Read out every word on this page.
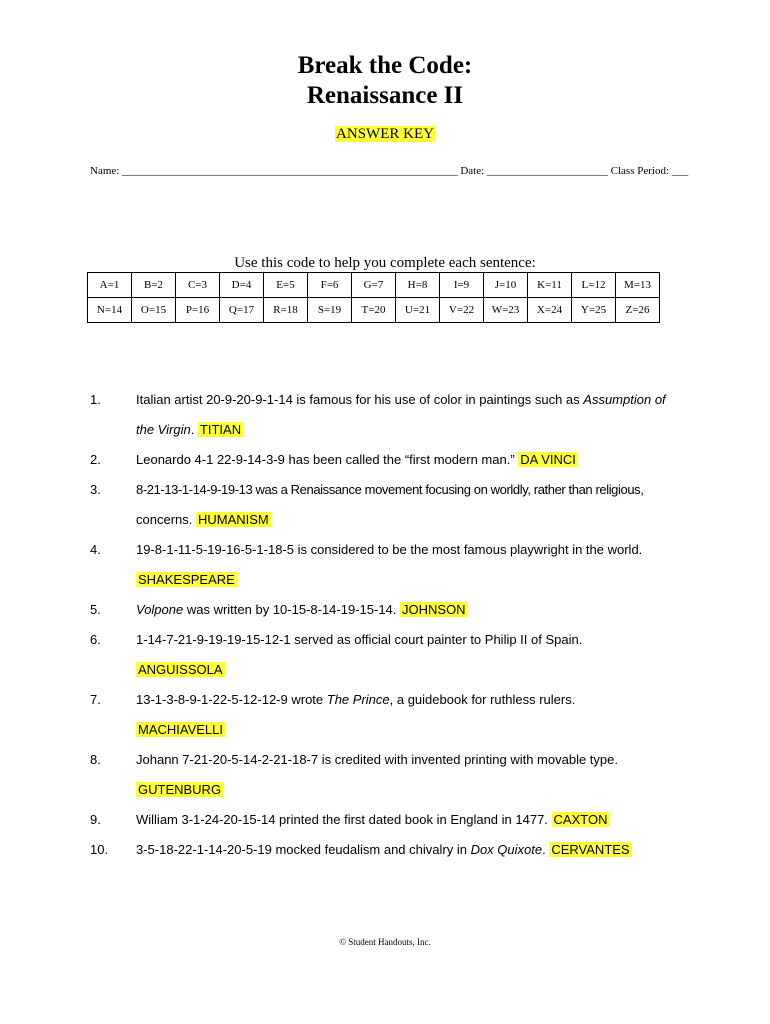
Break the Code:
Renaissance II
ANSWER KEY
Name: _____________________________________________________________ Date: ______________________ Class Period: ___
Use this code to help you complete each sentence:
A=1	B=2	C=3	D=4	E=5	F=6	G=7	H=8	I=9	J=10	K=11	L=12	M=13
N=14	O=15	P=16	Q=17	R=18	S=19	T=20	U=21	V=22	W=23	X=24	Y=25	Z=26
1.	Italian artist 20-9-20-9-1-14 is famous for his use of color in paintings such as Assumption of
the Virgin. TITIAN
2.	Leonardo 4-1 22-9-14-3-9 has been called the “first modern man.” DA VINCI
3.	8-21-13-1-14-9-19-13 was a Renaissance movement focusing on worldly, rather than religious,
concerns. HUMANISM
4.	19-8-1-11-5-19-16-5-1-18-5 is considered to be the most famous playwright in the world.
SHAKESPEARE
5.	Volpone was written by 10-15-8-14-19-15-14. JOHNSON
6.	1-14-7-21-9-19-19-15-12-1 served as official court painter to Philip II of Spain.
ANGUISSOLA
7.	13-1-3-8-9-1-22-5-12-12-9 wrote The Prince, a guidebook for ruthless rulers.
MACHIAVELLI
8.	Johann 7-21-20-5-14-2-21-18-7 is credited with invented printing with movable type.
GUTENBURG
9.	William 3-1-24-20-15-14 printed the first dated book in England in 1477. CAXTON
10. 3-5-18-22-1-14-20-5-19 mocked feudalism and chivalry in Dox Quixote. CERVANTES
© Student Handouts, Inc.
